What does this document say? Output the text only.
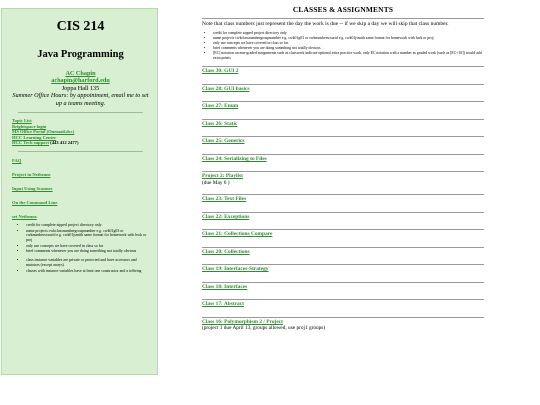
CIS 214
Java Programming
AC Chapin
achapin@harford.edu
Joppa Hall 135
Summer Office Hours: by appointment, email me to set up a teams meeting.
Topic List
Brightspace login
MS Office Portal (Onemail.dcc)
HCC Learning Center
HCC Tech support (443 412 2477)
FAQ
Project in Netbeans
Input Using Scanner
On the Command Line
set Netbeans
• credit for complete zipped project directory only
• name projects cwkclassnumbergroupnumber e.g. cwk01g03 or cwknumberscsurid e.g. cwk01jsmith same format for homework with hwk or proj
• only use concepts we have covered in class so far
• brief comments whenever you are doing something not totally obvious
• class instance variables are private or protected and have accessors and mutators (except arrays)
• classes with instance variables have at least one constructor and a toString
CLASSES & ASSIGNMENTS
Note that class numbers just represent the day the work is due -- if we skip a day we will skip that class number.
• credit for complete zipped project directory only
• name projects cwkclassnumbergroupnumber e.g. cwk01g03 or cwknumberscsurid e.g. cwk01jsmith same format for homework with hwk or proj
• only use concepts we have covered in class so far
• brief comments whenever you are doing something not totally obvious
• [EC] notation on non-graded assignments such as classwork indicate optional extra practice work, only EC notation with a number as graded work (such as [EC+10]) would add extra points
Class 30: GUI 2
Class 28: GUI basics
Class 27: Enum
Class 26: Static
Class 25: Generics
Class 24: Serializing to Files
Project 2: Playlist
(due May 6 )
Class 23: Text Files
Class 22: Exceptions
Class 21: Collections Compare
Class 20: Collections
Class 19: Interfaces-Strategy
Class 18: Interfaces
Class 17: Abstract
Class 16: Polymorphism 2 / Project
(project 1 due April 13, groups allowed, use proj1 groups)
